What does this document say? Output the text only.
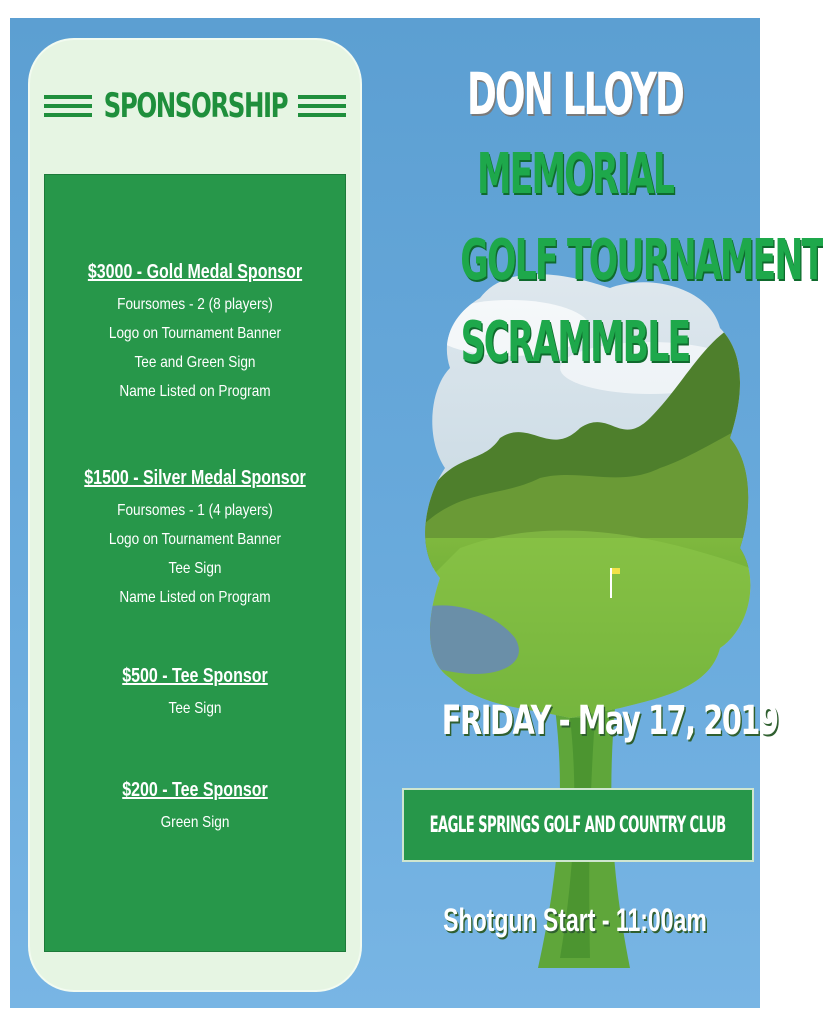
SPONSORSHIP
$3000 - Gold Medal Sponsor
Foursomes - 2 (8 players)
Logo on Tournament Banner
Tee and Green Sign
Name Listed on Program
$1500 - Silver Medal Sponsor
Foursomes - 1 (4 players)
Logo on Tournament Banner
Tee Sign
Name Listed on Program
$500 - Tee Sponsor
Tee Sign
$200 - Tee Sponsor
Green Sign
DON LLOYD
MEMORIAL
GOLF TOURNAMENT
SCRAMMBLE
FRIDAY - May 17, 2019
EAGLE SPRINGS GOLF AND COUNTRY CLUB
Shotgun Start - 11:00am
